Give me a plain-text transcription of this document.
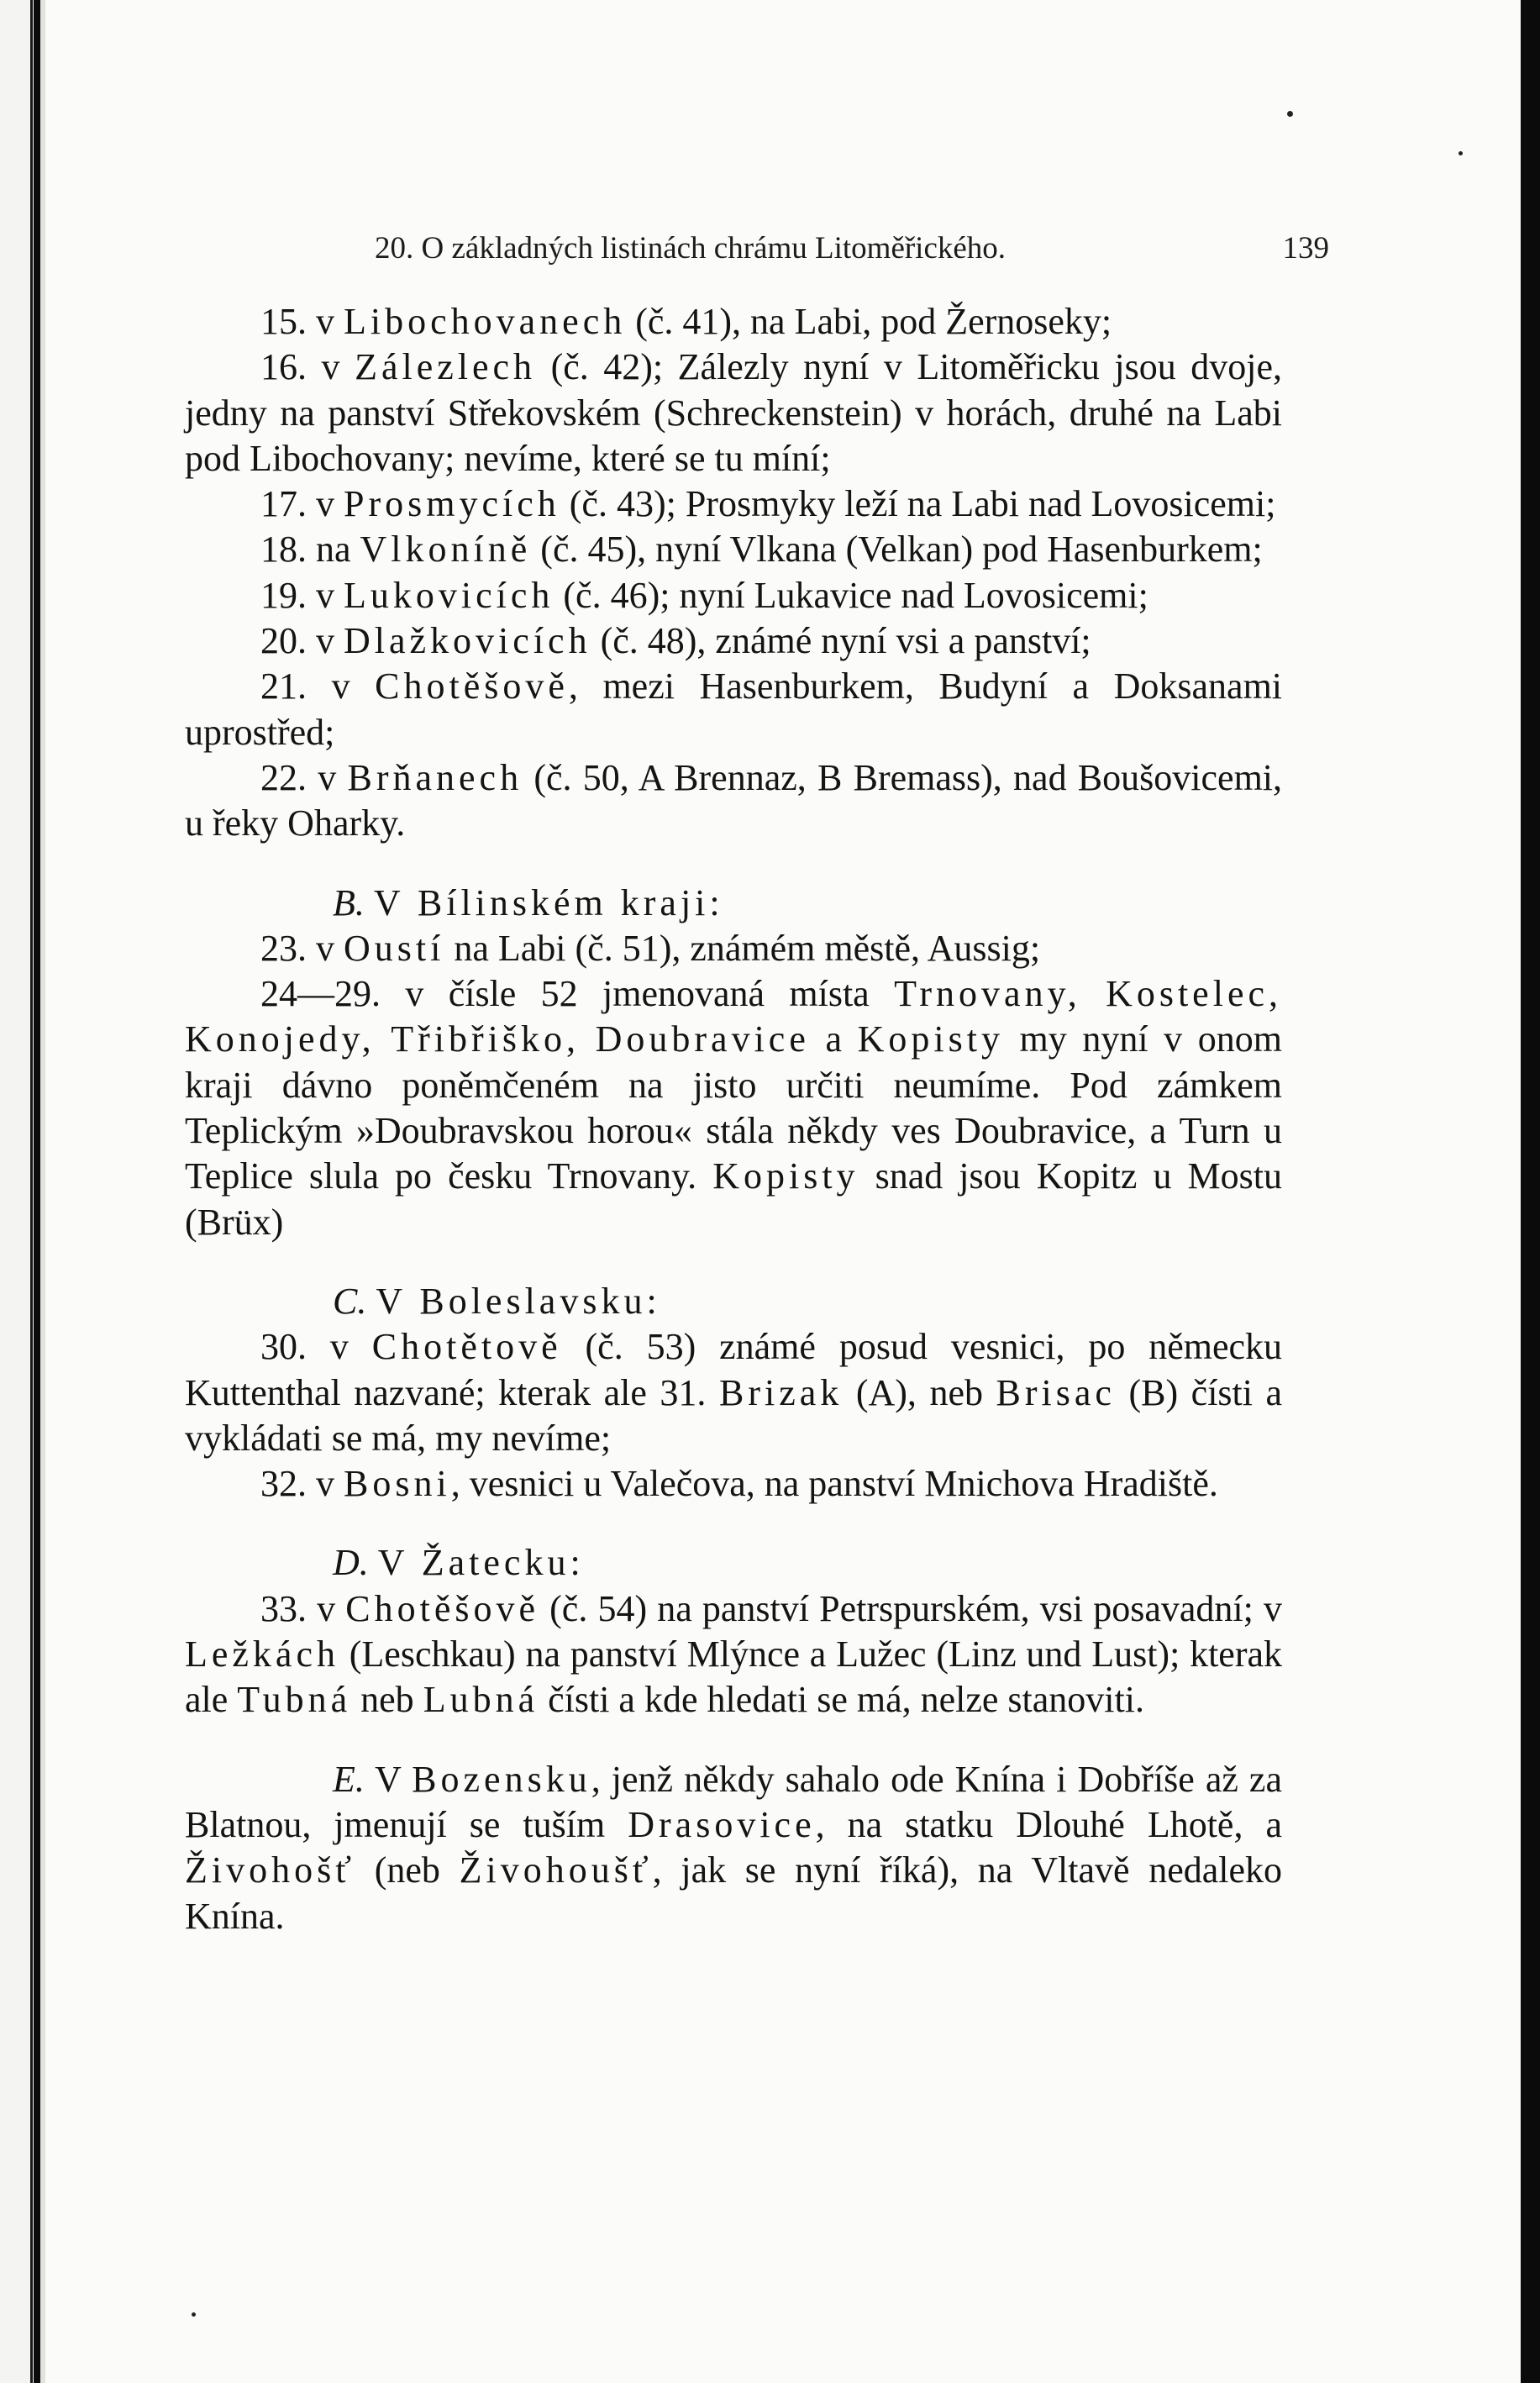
20. O základných listinách chrámu Litoměřického.	139

15. v Libochovanech (č. 41), na Labi, pod Žernoseky;

16. v Zálezlech (č. 42); Zálezly nyní v Litoměřicku jsou dvoje, jedny na panství Střekovském (Schreckenstein) v horách, druhé na Labi pod Libochovany; nevíme, které se tu míní;

17. v Prosmycích (č. 43); Prosmyky leží na Labi nad Lovosicemi;

18. na Vlkoníně (č. 45), nyní Vlkana (Velkan) pod Hasenburkem;

19. v Lukovicích (č. 46); nyní Lukavice nad Lovosicemi;

20. v Dlažkovicích (č. 48), známé nyní vsi a panství;

21. v Chotěšově, mezi Hasenburkem, Budyní a Doksanami uprostřed;

22. v Brňanech (č. 50, A Brennaz, B Bremass), nad Boušovicemi, u řeky Oharky.

B. V Bílinském kraji:

23. v Oustí na Labi (č. 51), známém městě, Aussig;

24—29. v čísle 52 jmenovaná místa Trnovany, Kostelec, Konojedy, Třibřiško, Doubravice a Kopisty my nyní v onom kraji dávno poněmčeném na jisto určiti neumíme. Pod zámkem Teplickým »Doubravskou horou« stála někdy ves Doubravice, a Turn u Teplice slula po česku Trnovany. Kopisty snad jsou Kopitz u Mostu (Brüx)

C. V Boleslavsku:

30. v Chotětově (č. 53) známé posud vesnici, po německu Kuttenthal nazvané; kterak ale 31. Brizak (A), neb Brisac (B) čísti a vykládati se má, my nevíme;

32. v Bosni, vesnici u Valečova, na panství Mnichova Hradiště.

D. V Žatecku:

33. v Chotěšově (č. 54) na panství Petrspurském, vsi posavadní; v Ležkách (Leschkau) na panství Mlýnce a Lužec (Linz und Lust); kterak ale Tubná neb Lubná čísti a kde hledati se má, nelze stanoviti.

E. V Bozensku, jenž někdy sahalo ode Knína i Dobříše až za Blatnou, jmenují se tuším Drasovice, na statku Dlouhé Lhotě, a Živohošť (neb Živohoušť, jak se nyní říká), na Vltavě nedaleko Knína.
